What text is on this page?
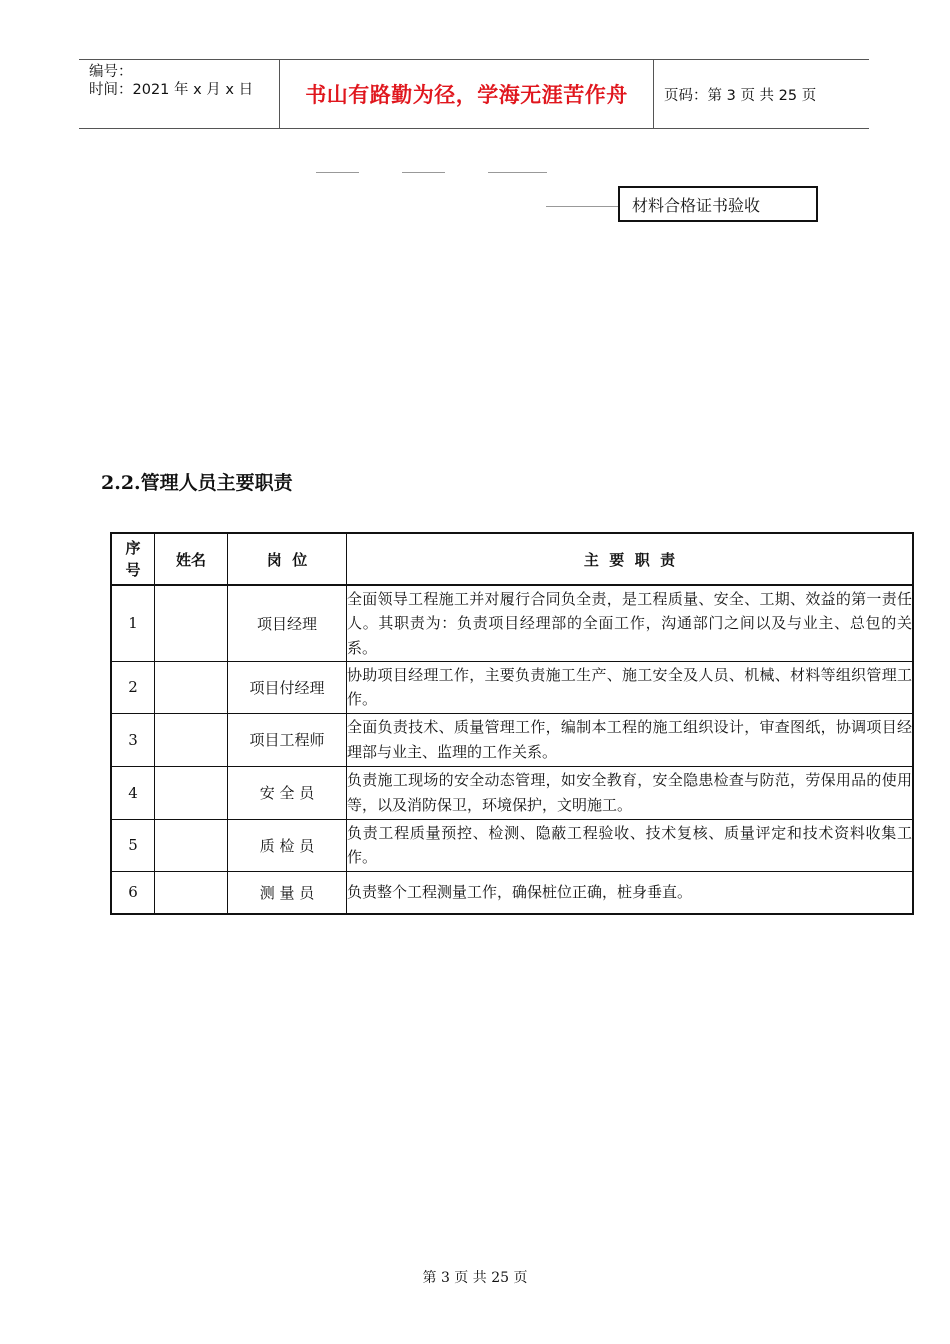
编号：
时间：2021 年 x 月 x 日	书山有路勤为径，学海无涯苦作舟	页码：第 3 页 共 25 页
材料合格证书验收
2.2.管理人员主要职责
序
号	姓名	岗  位	主  要  职  责
1		项目经理	全面领导工程施工并对履行合同负全责，是工程质量、安全、工期、效益的第一责任人。其职责为：负责项目经理部的全面工作，沟通部门之间以及与业主、总包的关系。
2		项目付经理	协助项目经理工作，主要负责施工生产、施工安全及人员、机械、材料等组织管理工作。
3		项目工程师	全面负责技术、质量管理工作，编制本工程的施工组织设计，审查图纸，协调项目经理部与业主、监理的工作关系。
4		安 全 员	负责施工现场的安全动态管理，如安全教育，安全隐患检查与防范，劳保用品的使用等，以及消防保卫，环境保护，文明施工。
5		质 检 员	负责工程质量预控、检测、隐蔽工程验收、技术复核、质量评定和技术资料收集工作。
6		测 量 员	负责整个工程测量工作，确保桩位正确，桩身垂直。
第 3 页 共 25 页
